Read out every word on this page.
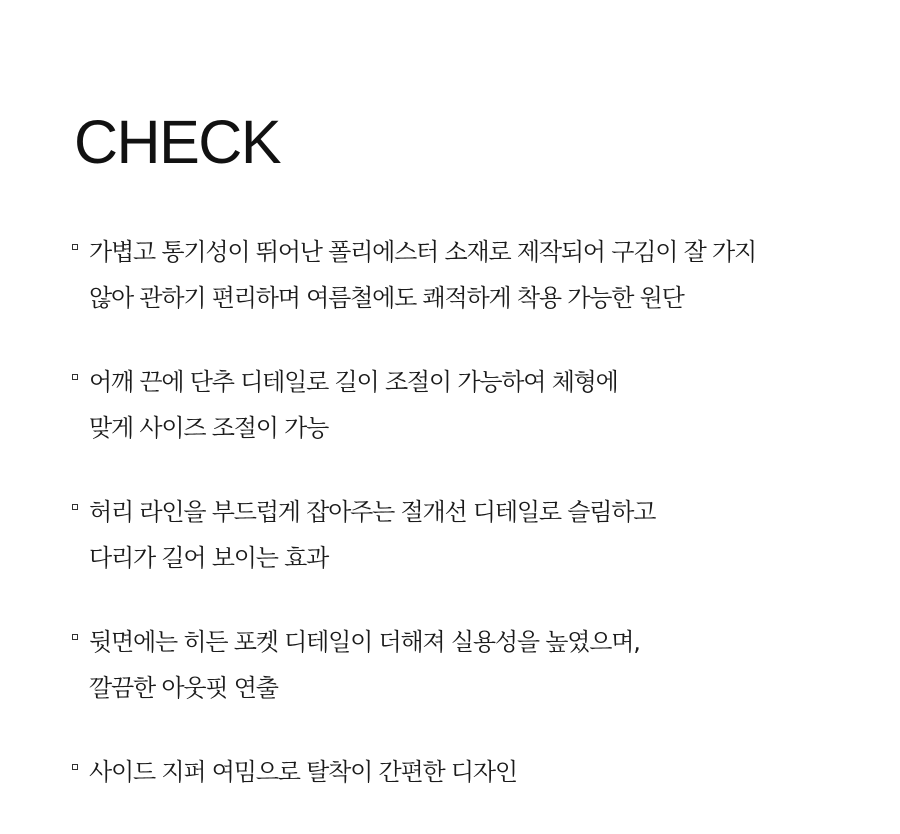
CHECK
가볍고 통기성이 뛰어난 폴리에스터 소재로 제작되어 구김이 잘 가지
않아 관하기 편리하며 여름철에도 쾌적하게 착용 가능한 원단
어깨 끈에 단추 디테일로 길이 조절이 가능하여 체형에
맞게 사이즈 조절이 가능
허리 라인을 부드럽게 잡아주는 절개선 디테일로 슬림하고
다리가 길어 보이는 효과
뒷면에는 히든 포켓 디테일이 더해져 실용성을 높였으며,
깔끔한 아웃핏 연출
사이드 지퍼 여밈으로 탈착이 간편한 디자인
